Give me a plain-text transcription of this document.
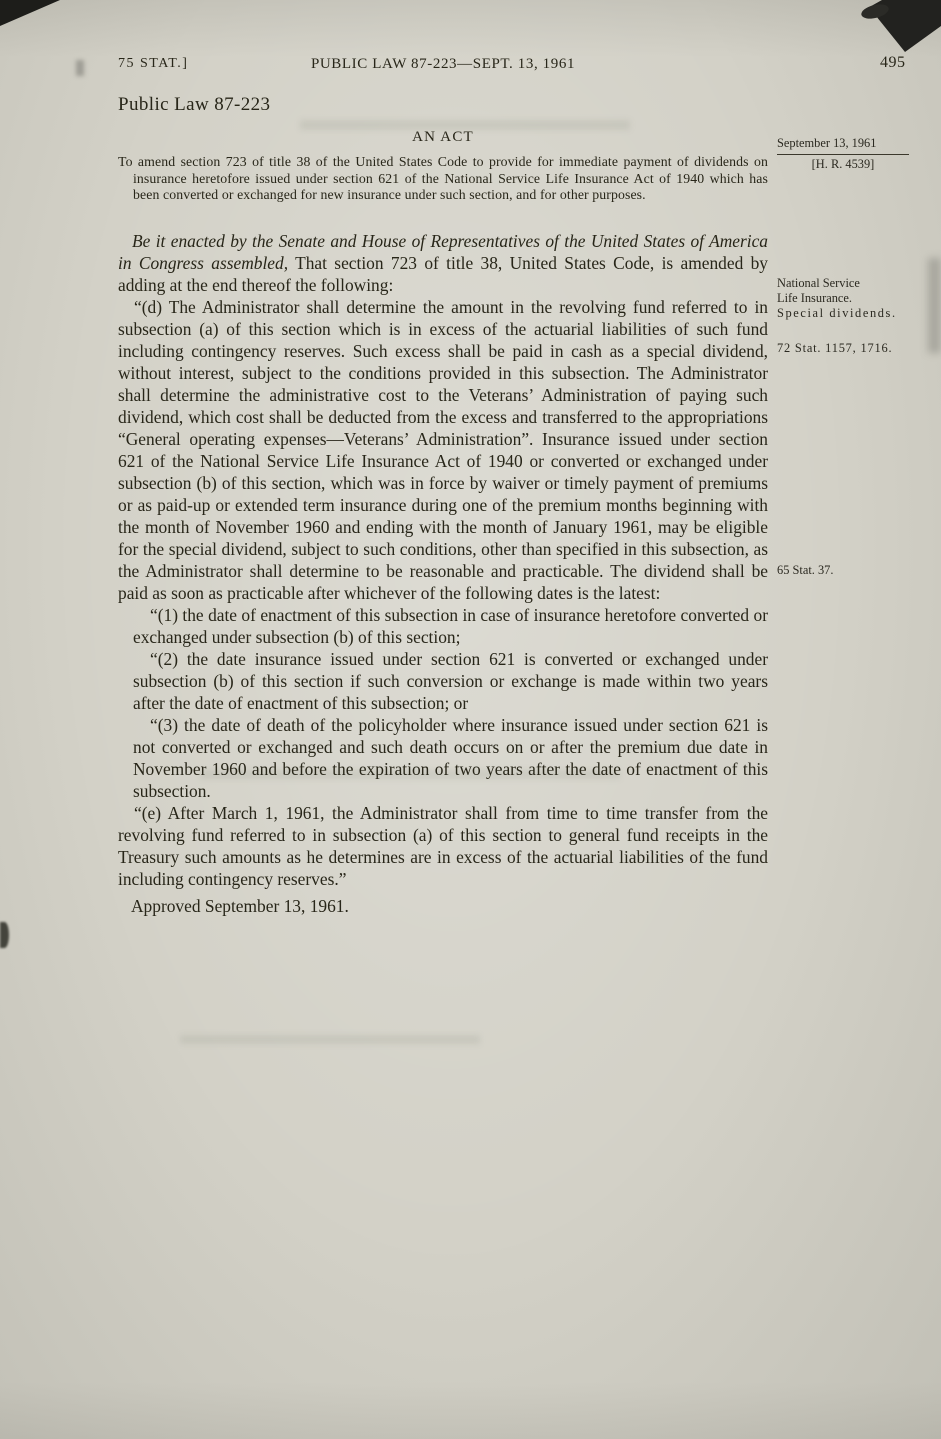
75 STAT.]	PUBLIC LAW 87-223—SEPT. 13, 1961	495
September 13, 1961
[H. R. 4539]
National Service
Life Insurance.
Special dividends.
72 Stat. 1157, 1716.
65 Stat. 37.
Public Law 87-223
AN ACT
To amend section 723 of title 38 of the United States Code to provide for immediate payment of dividends on insurance heretofore issued under section 621 of the National Service Life Insurance Act of 1940 which has been converted or exchanged for new insurance under such section, and for other purposes.

Be it enacted by the Senate and House of Representatives of the United States of America in Congress assembled, That section 723 of title 38, United States Code, is amended by adding at the end thereof the following:

“(d) The Administrator shall determine the amount in the revolving fund referred to in subsection (a) of this section which is in excess of the actuarial liabilities of such fund including contingency reserves. Such excess shall be paid in cash as a special dividend, without interest, subject to the conditions provided in this subsection. The Administrator shall determine the administrative cost to the Veterans’ Administration of paying such dividend, which cost shall be deducted from the excess and transferred to the appropriations “General operating expenses—Veterans’ Administration”. Insurance issued under section 621 of the National Service Life Insurance Act of 1940 or converted or exchanged under subsection (b) of this section, which was in force by waiver or timely payment of premiums or as paid-up or extended term insurance during one of the premium months beginning with the month of November 1960 and ending with the month of January 1961, may be eligible for the special dividend, subject to such conditions, other than specified in this subsection, as the Administrator shall determine to be reasonable and practicable. The dividend shall be paid as soon as practicable after whichever of the following dates is the latest:

“(1) the date of enactment of this subsection in case of insurance heretofore converted or exchanged under subsection (b) of this section;

“(2) the date insurance issued under section 621 is converted or exchanged under subsection (b) of this section if such conversion or exchange is made within two years after the date of enactment of this subsection; or

“(3) the date of death of the policyholder where insurance issued under section 621 is not converted or exchanged and such death occurs on or after the premium due date in November 1960 and before the expiration of two years after the date of enactment of this subsection.

“(e) After March 1, 1961, the Administrator shall from time to time transfer from the revolving fund referred to in subsection (a) of this section to general fund receipts in the Treasury such amounts as he determines are in excess of the actuarial liabilities of the fund including contingency reserves.”

Approved September 13, 1961.
